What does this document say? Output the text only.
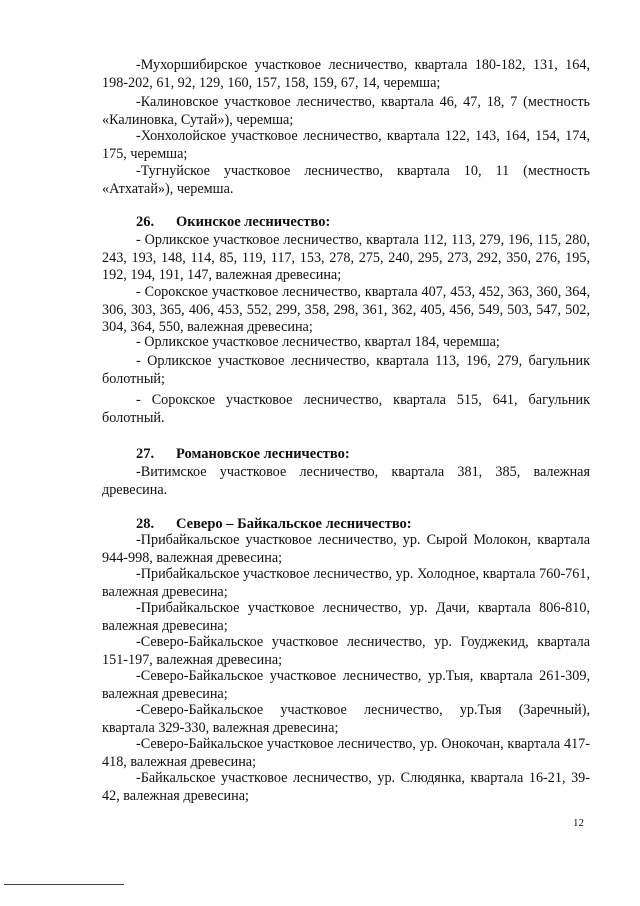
-Мухоршибирское участковое лесничество, квартала 180-182, 131, 164, 198-202, 61, 92, 129, 160, 157, 158, 159, 67, 14, черемша;

-Калиновское участковое лесничество, квартала 46, 47, 18, 7 (местность «Калиновка, Сутай»), черемша;

-Хонхолойское участковое лесничество, квартала 122, 143, 164, 154, 174, 175, черемша;

-Тугнуйское участковое лесничество, квартала 10, 11 (местность «Атхатай»), черемша.

26. Окинское лесничество:

- Орликское участковое лесничество, квартала 112, 113, 279, 196, 115, 280, 243, 193, 148, 114, 85, 119, 117, 153, 278, 275, 240, 295, 273, 292, 350, 276, 195, 192, 194, 191, 147, валежная древесина;

- Сорокское участковое лесничество, квартала 407, 453, 452, 363, 360, 364, 306, 303, 365, 406, 453, 552, 299, 358, 298, 361, 362, 405, 456, 549, 503, 547, 502, 304, 364, 550, валежная древесина;

- Орликское участковое лесничество, квартал 184, черемша;

- Орликское участковое лесничество, квартала 113, 196, 279, багульник болотный;

- Сорокское участковое лесничество, квартала 515, 641, багульник болотный.

27. Романовское лесничество:

-Витимское участковое лесничество, квартала 381, 385, валежная древесина.

28. Северо – Байкальское лесничество:

-Прибайкальское участковое лесничество, ур. Сырой Молокон, квартала 944-998, валежная древесина;

-Прибайкальское участковое лесничество, ур. Холодное, квартала 760-761, валежная древесина;

-Прибайкальское участковое лесничество, ур. Дачи, квартала 806-810, валежная древесина;

-Северо-Байкальское участковое лесничество, ур. Гоуджекид, квартала 151-197, валежная древесина;

-Северо-Байкальское участковое лесничество, ур.Тыя, квартала 261-309, валежная древесина;

-Северо-Байкальское участковое лесничество, ур.Тыя (Заречный), квартала 329-330, валежная древесина;

-Северо-Байкальское участковое лесничество, ур. Онокочан, квартала 417-418, валежная древесина;

-Байкальское участковое лесничество, ур. Слюдянка, квартала 16-21, 39-42, валежная древесина;

12
